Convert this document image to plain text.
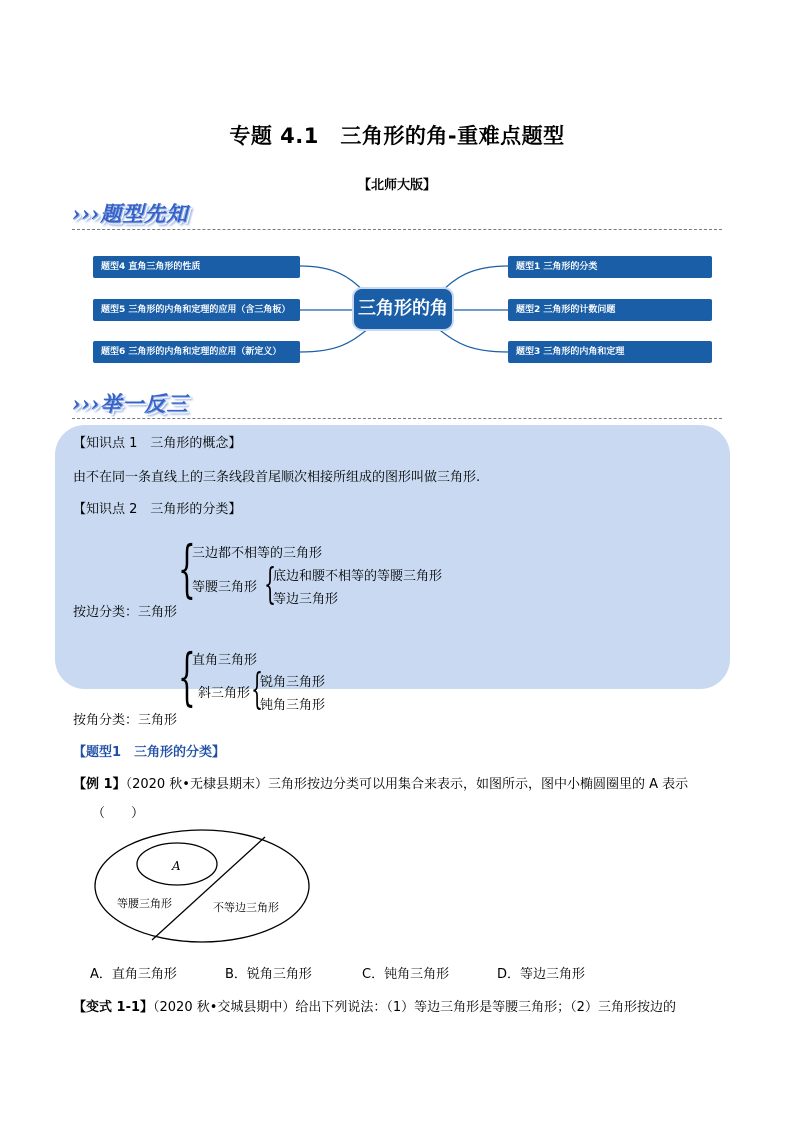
专题 4.1　三角形的角-重难点题型
【北师大版】
›››题型先知
题型4 直角三角形的性质
题型5 三角形的内角和定理的应用（含三角板）
题型6 三角形的内角和定理的应用（新定义）
三角形的角
题型1 三角形的分类
题型2 三角形的计数问题
题型3 三角形的内角和定理
›››举一反三
【知识点 1　三角形的概念】
由不在同一条直线上的三条线段首尾顺次相接所组成的图形叫做三角形.
【知识点 2　三角形的分类】
{
三边都不相等的三角形
等腰三角形 {
底边和腰不相等的等腰三角形
等边三角形
按边分类：三角形
{
直角三角形
斜三角形 {
锐角三角形
钝角三角形
按角分类：三角形
【题型1　三角形的分类】
【例 1】（2020 秋•无棣县期末）三角形按边分类可以用集合来表示，如图所示，图中小椭圆圈里的 A 表示
（　　）
A
等腰三角形	不等边三角形
A．直角三角形	B．锐角三角形	C．钝角三角形	D．等边三角形
【变式 1-1】（2020 秋•交城县期中）给出下列说法：（1）等边三角形是等腰三角形；（2）三角形按边的
